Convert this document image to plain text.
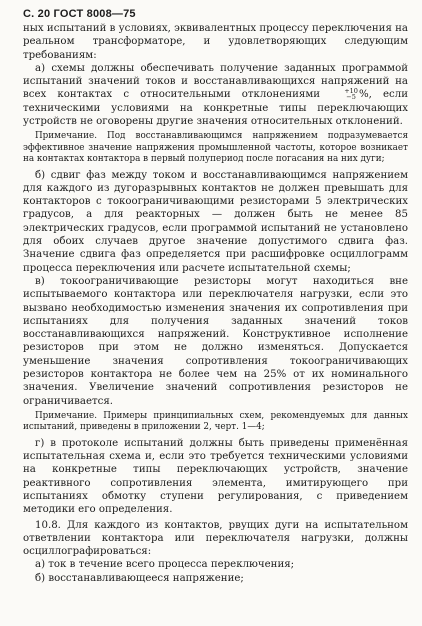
С. 20 ГОСТ 8008—75

ных испытаний в условиях, эквивалентных процессу переключения на реальном трансформаторе, и удовлетворяющих следующим требованиям:

а) схемы должны обеспечивать получение заданных программой испытаний значений токов и восстанавливающихся напряжений на всех контактах с относительными отклонениями	+10
−5 %, если техническими условиями на конкретные типы переключающих устройств не оговорены другие значения относительных отклонений.

Примечание. Под восстанавливающимся напряжением подразумевается эффективное значение напряжения промышленной частоты, которое возникает на контактах контактора в первый полупериод после погасания на них дуги;

б) сдвиг фаз между током и восстанавливающимся напряжением для каждого из дугоразрывных контактов не должен превышать для контакторов с токоограничивающими резисторами 5 электрических градусов, а для реакторных — должен быть не менее 85 электрических градусов, если программой испытаний не установлено для обоих случаев другое значение допустимого сдвига фаз. Значение сдвига фаз определяется при расшифровке осциллограмм процесса переключения или расчете испытательной схемы;

в) токоограничивающие резисторы могут находиться вне испытываемого контактора или переключателя нагрузки, если это вызвано необходимостью изменения значения их сопротивления при испытаниях для получения заданных значений токов восстанавливающихся напряжений. Конструктивное исполнение резисторов при этом не должно изменяться. Допускается уменьшение значения сопротивления токоограничивающих резисторов контактора не более чем на 25% от их номинального значения. Увеличение значений сопротивления резисторов не ограничивается.

Примечание. Примеры принципиальных схем, рекомендуемых для данных испытаний, приведены в приложении 2, черт. 1—4;

г) в протоколе испытаний должны быть приведены применённая испытательная схема и, если это требуется техническими условиями на конкретные типы переключающих устройств, значение реактивного сопротивления элемента, имитирующего при испытаниях обмотку ступени регулирования, с приведением методики его определения.

10.8. Для каждого из контактов, рвущих дуги на испытательном ответвлении контактора или переключателя нагрузки, должны осциллографироваться:

а) ток в течение всего процесса переключения;

б) восстанавливающееся напряжение;
